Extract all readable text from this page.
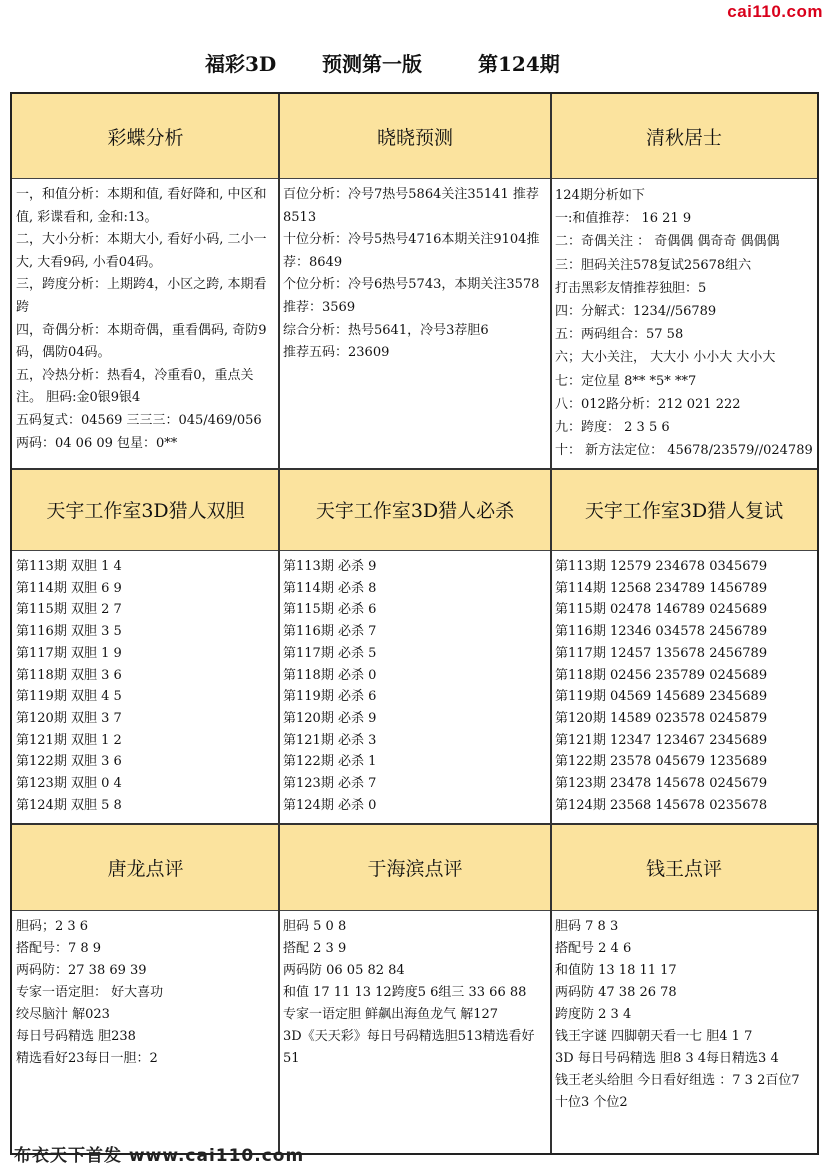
cai110.com
福彩3D 预测第一版	第124期
彩蝶分析
一，和值分析：本期和值, 看好降和, 中区和值, 彩谍看和, 金和:13。
二，大小分析：本期大小, 看好小码, 二小一大, 大看9码, 小看04码。
三，跨度分析：上期跨4，小区之跨, 本期看跨
四，奇偶分析：本期奇偶，重看偶码, 奇防9码，偶防04码。
五，冷热分析：热看4，冷重看0，重点关注。 胆码:金0银9银4
五码复式：04569 三三三：045/469/056 两码：04 06 09 包星：0**
晓晓预测
百位分析：冷号7热号5864关注35141 推荐8513
十位分析：冷号5热号4716本期关注9104推荐：8649
个位分析：冷号6热号5743，本期关注3578 推荐：3569
综合分析：热号5641，冷号3荐胆6
推荐五码：23609
清秋居士
124期分析如下
一:和值推荐： 16 21 9
二：奇偶关注 ： 奇偶偶 偶奇奇 偶偶偶
三：胆码关注578复试25678组六
打击黑彩友情推荐独胆：5
四：分解式：1234//56789
五：两码组合：57 58
六；大小关注， 大大小 小小大 大小大
七：定位星 8** *5* **7
八：012路分析：212 021 222
九：跨度： 2 3 5 6
十： 新方法定位： 45678/23579//024789
天宇工作室3D猎人双胆
第113期 双胆 1 4
第114期 双胆 6 9
第115期 双胆 2 7
第116期 双胆 3 5
第117期 双胆 1 9
第118期 双胆 3 6
第119期 双胆 4 5
第120期 双胆 3 7
第121期 双胆 1 2
第122期 双胆 3 6
第123期 双胆 0 4
第124期 双胆 5 8
天宇工作室3D猎人必杀
第113期 必杀 9
第114期 必杀 8
第115期 必杀 6
第116期 必杀 7
第117期 必杀 5
第118期 必杀 0
第119期 必杀 6
第120期 必杀 9
第121期 必杀 3
第122期 必杀 1
第123期 必杀 7
第124期 必杀 0
天宇工作室3D猎人复试
第113期 12579 234678 0345679
第114期 12568 234789 1456789
第115期 02478 146789 0245689
第116期 12346 034578 2456789
第117期 12457 135678 2456789
第118期 02456 235789 0245689
第119期 04569 145689 2345689
第120期 14589 023578 0245879
第121期 12347 123467 2345689
第122期 23578 045679 1235689
第123期 23478 145678 0245679
第124期 23568 145678 0235678
唐龙点评
胆码；2 3 6
搭配号：7 8 9
两码防：27 38 69 39
专家一语定胆： 好大喜功
绞尽脑汁 解023
每日号码精选 胆238
精选看好23每日一胆：2
于海滨点评
胆码 5 0 8
搭配 2 3 9
两码防 06 05 82 84
和值 17 11 13 12跨度5 6组三 33 66 88
专家一语定胆 鲜飙出海鱼龙气 解127
3D《天天彩》每日号码精选胆513精选看好51
钱王点评
胆码 7 8 3
搭配号 2 4 6
和值防 13 18 11 17
两码防 47 38 26 78
跨度防 2 3 4
钱王字谜 四脚朝天看一七 胆4 1 7
3D 每日号码精选 胆8 3 4每日精选3 4
钱王老头给胆 今日看好组选 ：7 3 2百位7 十位3 个位2
布衣天下首发 www.cai110.com
